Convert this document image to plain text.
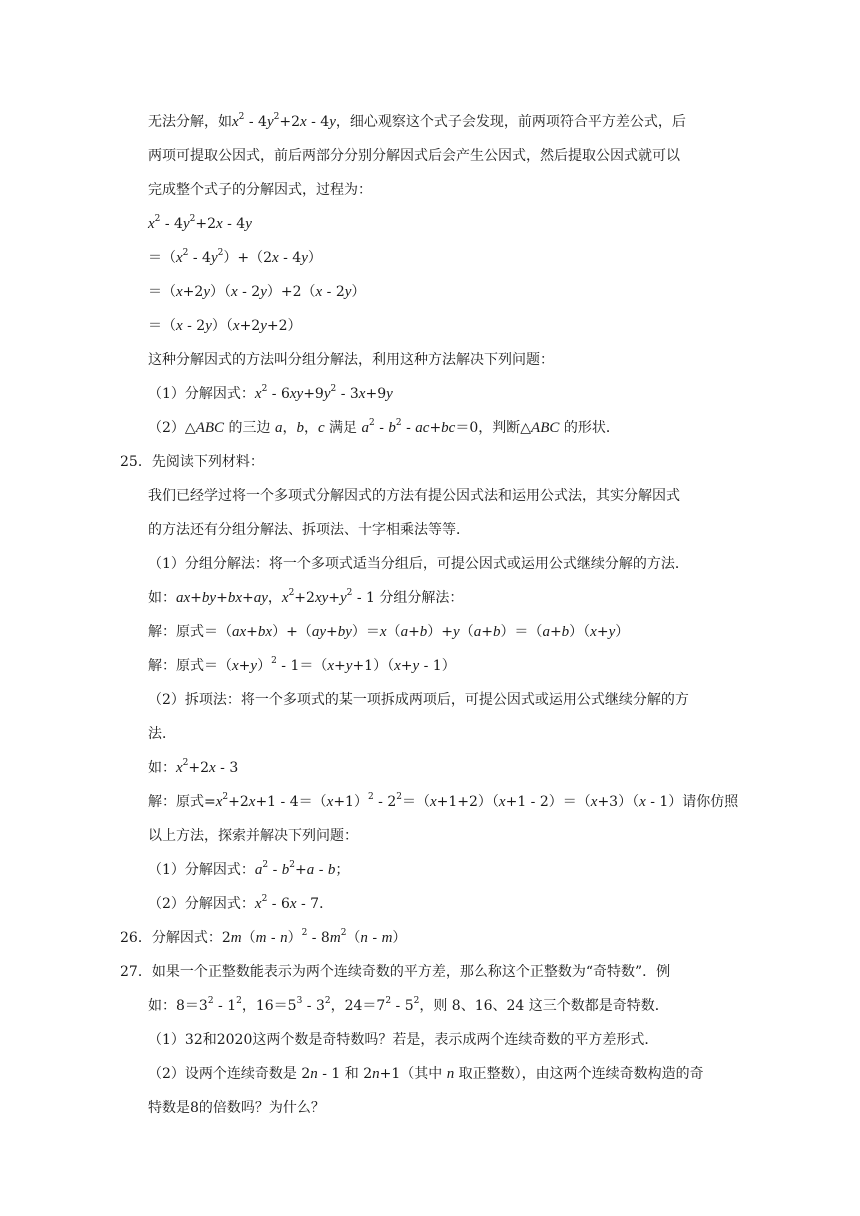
无法分解，如$x^2 - 4y^2+2x - 4y$，细心观察这个式子会发现，前两项符合平方差公式，后
两项可提取公因式，前后两部分分别分解因式后会产生公因式，然后提取公因式就可以
完成整个式子的分解因式，过程为：
$x^2 - 4y^2+2x - 4y$
$=(x^2 - 4y^2)+(2x - 4y)$
＝（x+2y）（x - 2y）+2（x - 2y）
＝（x - 2y）（x+2y+2）
这种分解因式的方法叫分组分解法，利用这种方法解决下列问题：
（1）分解因式：$x^2 - 6xy+9y^2 - 3x+9y$
（2）△ABC 的三边 a，b，c 满足 $a^2 - b^2 - ac+bc=0$，判断△ABC 的形状．
25．先阅读下列材料：
我们已经学过将一个多项式分解因式的方法有提公因式法和运用公式法，其实分解因式
的方法还有分组分解法、拆项法、十字相乘法等等．
（1）分组分解法：将一个多项式适当分组后，可提公因式或运用公式继续分解的方法．
如：ax+by+bx+ay，$x^2+2xy+y^2 - 1$ 分组分解法：
解：原式＝（ax+bx）+（ay+by）＝x（a+b）+y（a+b）＝（a+b）（x+y）
解：原式$=(x+y)^2 - 1=(x+y+1)(x+y - 1)$
（2）拆项法：将一个多项式的某一项拆成两项后，可提公因式或运用公式继续分解的方
法．
如：$x^2+2x - 3$
解：原式$=x^2+2x+1 - 4=(x+1)^2 - 2^2=(x+1+2)(x+1 - 2)=(x+3)(x - 1)$请你仿照
以上方法，探索并解决下列问题：
（1）分解因式：$a^2 - b^2+a - b$；
（2）分解因式：$x^2 - 6x - 7$．
26．分解因式：$2m(m - n)^2 - 8m^2(n - m)$
27．如果一个正整数能表示为两个连续奇数的平方差，那么称这个正整数为“奇特数”．例
如：$8=3^2 - 1^2$，$16=5^3 - 3^2$，$24=7^2 - 5^2$，则 8、16、24 这三个数都是奇特数．
（1）32和2020这两个数是奇特数吗？若是，表示成两个连续奇数的平方差形式．
（2）设两个连续奇数是 2n - 1 和 2n+1（其中 n 取正整数），由这两个连续奇数构造的奇
特数是8的倍数吗？为什么？
